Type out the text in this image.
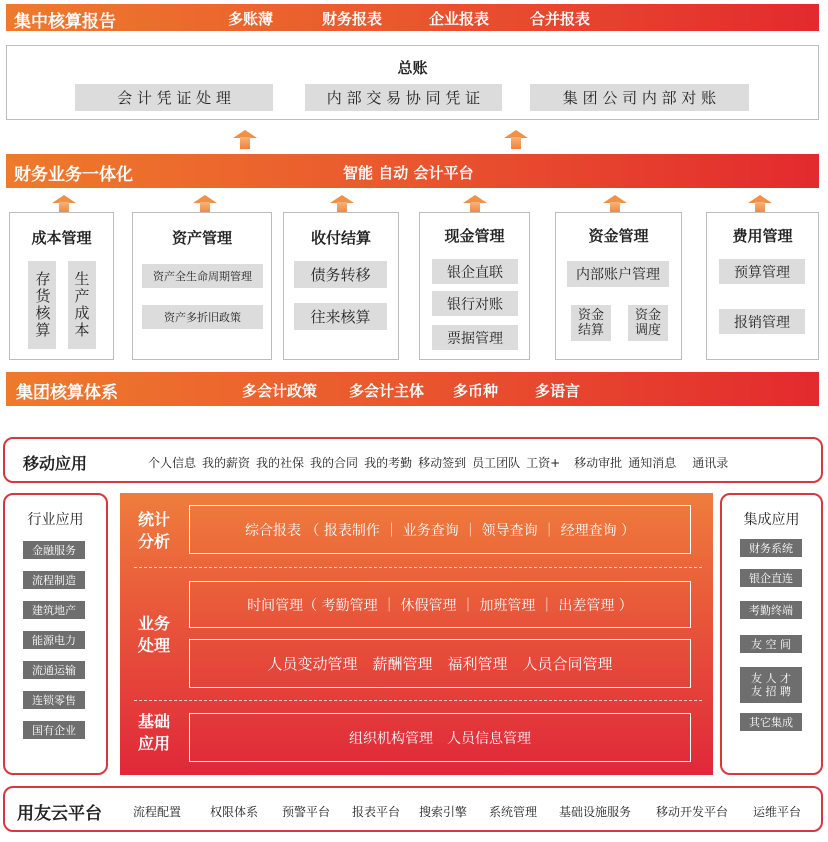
集中核算报告	多账薄	财务报表	企业报表	合并报表
总账
会 计 凭 证 处 理	内 部 交 易 协 同 凭 证	集 团 公 司 内 部 对 账
财务业务一体化	智能 自动 会计平台
成本管理
存货核算 生产成本
资产管理
资产全生命周期管理
资产多折旧政策
收付结算
债务转移
往来核算
现金管理
银企直联
银行对账
票据管理
资金管理
内部账户管理
资金结算
资金调度
费用管理
预算管理
报销管理
集团核算体系	多会计政策 多会计主体 多币种 多语言
移动应用	个人信息 我的薪资 我的社保 我的合同 我的考勤 移动签到 员工团队 工资+ 移动审批 通知消息 通讯录
行业应用
金融服务
流程制造
建筑地产
能源电力
流通运输
连锁零售
国有企业
统计
分析
综合报表 （ 报表制作 ｜ 业务查询 ｜ 领导查询 ｜ 经理查询 ）
业务
处理
时间管理（ 考勤管理 ｜ 休假管理 ｜ 加班管理 ｜ 出差管理 ）
人员变动管理　薪酬管理　福利管理　人员合同管理
基础
应用	组织机构管理　人员信息管理
集成应用
财务系统
银企直连
考勤终端
友 空 间
友 人 才
友 招 聘
其它集成
用友云平台	流程配置 权限体系 预警平台 报表平台 搜索引擎 系统管理 基础设施服务 移动开发平台 运维平台
